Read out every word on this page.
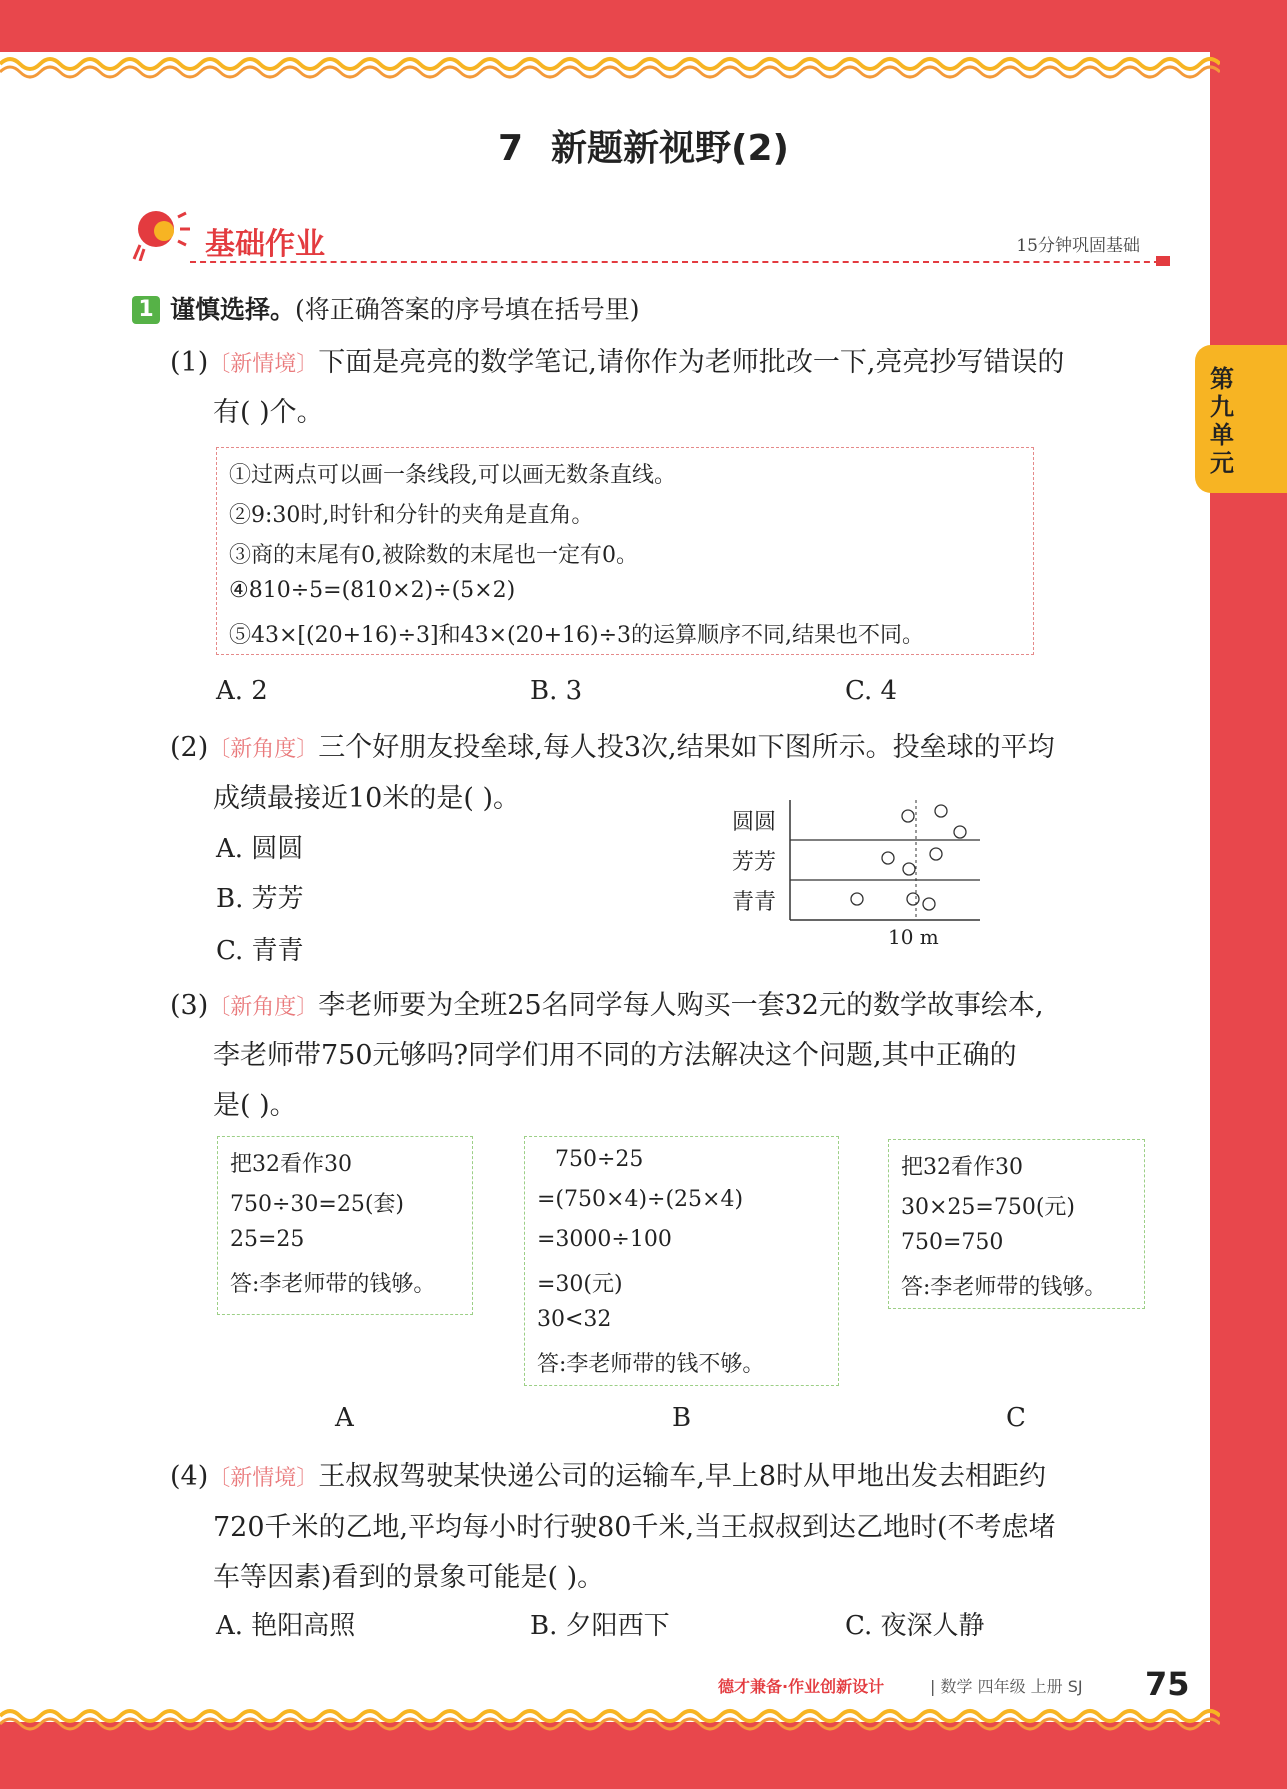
7 新题新视野(2)
基础作业	15分钟巩固基础
第九单元
1 谨慎选择。(将正确答案的序号填在括号里)
(1)〔新情境〕下面是亮亮的数学笔记,请你作为老师批改一下,亮亮抄写错误的
有( )个。
①过两点可以画一条线段,可以画无数条直线。
②9:30时,时针和分针的夹角是直角。
③商的末尾有0,被除数的末尾也一定有0。
④810÷5=(810×2)÷(5×2)
⑤43×[(20+16)÷3]和43×(20+16)÷3的运算顺序不同,结果也不同。
A. 2	B. 3	C. 4
(2)〔新角度〕三个好朋友投垒球,每人投3次,结果如下图所示。投垒球的平均
成绩最接近10米的是( )。
A. 圆圆
B. 芳芳
C. 青青
圆圆
芳芳
青青
10 m
(3)〔新角度〕李老师要为全班25名同学每人购买一套32元的数学故事绘本,
李老师带750元够吗?同学们用不同的方法解决这个问题,其中正确的
是( )。
把32看作30
750÷30=25(套)
25=25
答:李老师带的钱够。
750÷25
=(750×4)÷(25×4)
=3000÷100
=30(元)
30<32
答:李老师带的钱不够。
把32看作30
30×25=750(元)
750=750
答:李老师带的钱够。
A	B	C
(4)〔新情境〕王叔叔驾驶某快递公司的运输车,早上8时从甲地出发去相距约
720千米的乙地,平均每小时行驶80千米,当王叔叔到达乙地时(不考虑堵
车等因素)看到的景象可能是( )。
A. 艳阳高照	B. 夕阳西下	C. 夜深人静
德才兼备·作业创新设计	| 数学 四年级 上册 SJ 75
